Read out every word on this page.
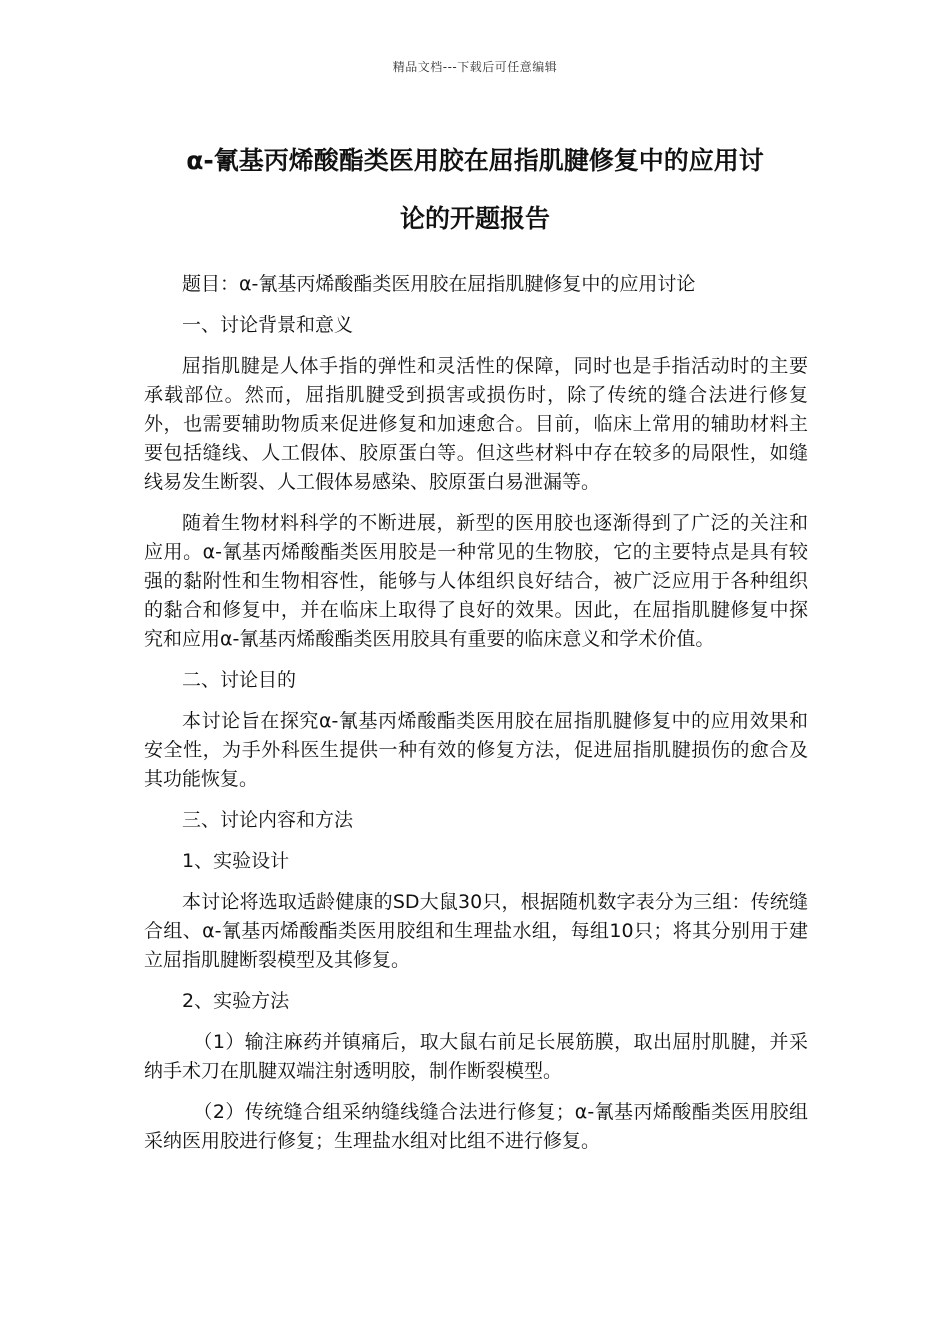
精品文档---下载后可任意编辑
α-氰基丙烯酸酯类医用胶在屈指肌腱修复中的应用讨
论的开题报告

题目：α-氰基丙烯酸酯类医用胶在屈指肌腱修复中的应用讨论

一、讨论背景和意义

屈指肌腱是人体手指的弹性和灵活性的保障，同时也是手指活动时的主要承载部位。然而，屈指肌腱受到损害或损伤时，除了传统的缝合法进行修复外，也需要辅助物质来促进修复和加速愈合。目前，临床上常用的辅助材料主要包括缝线、人工假体、胶原蛋白等。但这些材料中存在较多的局限性，如缝线易发生断裂、人工假体易感染、胶原蛋白易泄漏等。

随着生物材料科学的不断进展，新型的医用胶也逐渐得到了广泛的关注和应用。α-氰基丙烯酸酯类医用胶是一种常见的生物胶，它的主要特点是具有较强的黏附性和生物相容性，能够与人体组织良好结合，被广泛应用于各种组织的黏合和修复中，并在临床上取得了良好的效果。因此，在屈指肌腱修复中探究和应用α-氰基丙烯酸酯类医用胶具有重要的临床意义和学术价值。

二、讨论目的

本讨论旨在探究α-氰基丙烯酸酯类医用胶在屈指肌腱修复中的应用效果和安全性，为手外科医生提供一种有效的修复方法，促进屈指肌腱损伤的愈合及其功能恢复。

三、讨论内容和方法

1、实验设计

本讨论将选取适龄健康的SD大鼠30只，根据随机数字表分为三组：传统缝合组、α-氰基丙烯酸酯类医用胶组和生理盐水组，每组10只；将其分别用于建立屈指肌腱断裂模型及其修复。

2、实验方法

（1）输注麻药并镇痛后，取大鼠右前足长展筋膜，取出屈肘肌腱，并采纳手术刀在肌腱双端注射透明胶，制作断裂模型。

（2）传统缝合组采纳缝线缝合法进行修复；α-氰基丙烯酸酯类医用胶组采纳医用胶进行修复；生理盐水组对比组不进行修复。
